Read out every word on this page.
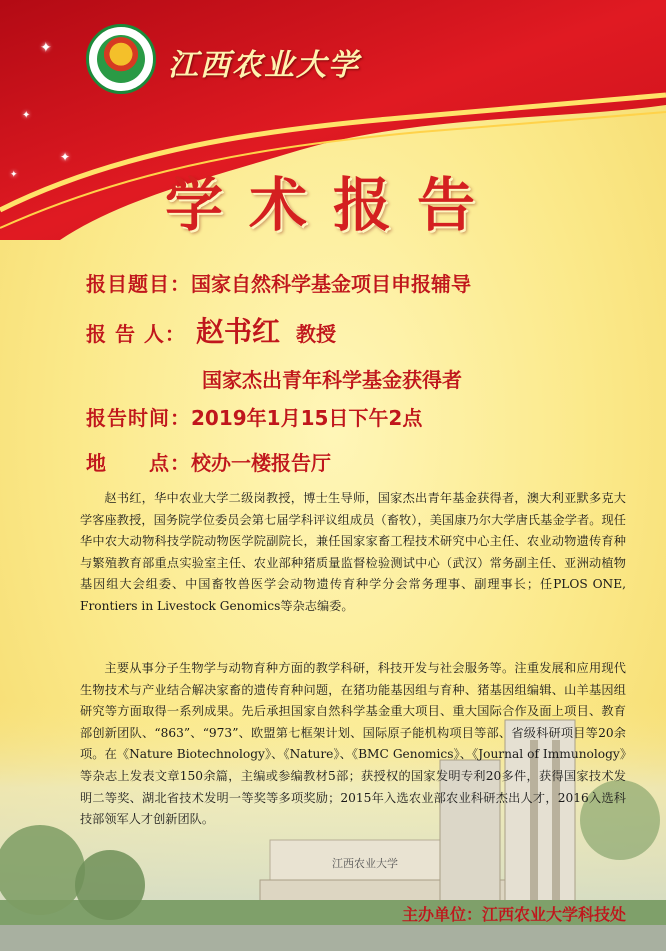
✦
✦
✦
✦
江西农业大学
学术报告
报目题目：国家自然科学基金项目申报辅导
报 告 人： 赵书红 教授
国家杰出青年科学基金获得者
报告时间：2019年1月15日下午2点
地　　点：校办一楼报告厅
江西农业大学

赵书红，华中农业大学二级岗教授，博士生导师，国家杰出青年基金获得者，澳大利亚默多克大学客座教授，国务院学位委员会第七届学科评议组成员（畜牧），美国康乃尔大学唐氏基金学者。现任华中农大动物科技学院动物医学院副院长，兼任国家家畜工程技术研究中心主任、农业动物遗传育种与繁殖教育部重点实验室主任、农业部种猪质量监督检验测试中心（武汉）常务副主任、亚洲动植物基因组大会组委、中国畜牧兽医学会动物遗传育种学分会常务理事、副理事长；任PLOS ONE, Frontiers in Livestock Genomics等杂志编委。

主要从事分子生物学与动物育种方面的教学科研，科技开发与社会服务等。注重发展和应用现代生物技术与产业结合解决家畜的遗传育种问题，在猪功能基因组与育种、猪基因组编辑、山羊基因组研究等方面取得一系列成果。先后承担国家自然科学基金重大项目、重大国际合作及面上项目、教育部创新团队、“863”、“973”、欧盟第七框架计划、国际原子能机构项目等部、省级科研项目等20余项。在《Nature Biotechnology》、《Nature》、《BMC Genomics》、《Journal of Immunology》等杂志上发表文章150余篇，主编或参编教材5部；获授权的国家发明专利20多件，获得国家技术发明二等奖、湖北省技术发明一等奖等多项奖励；2015年入选农业部农业科研杰出人才，2016入选科技部领军人才创新团队。

主办单位：江西农业大学科技处
